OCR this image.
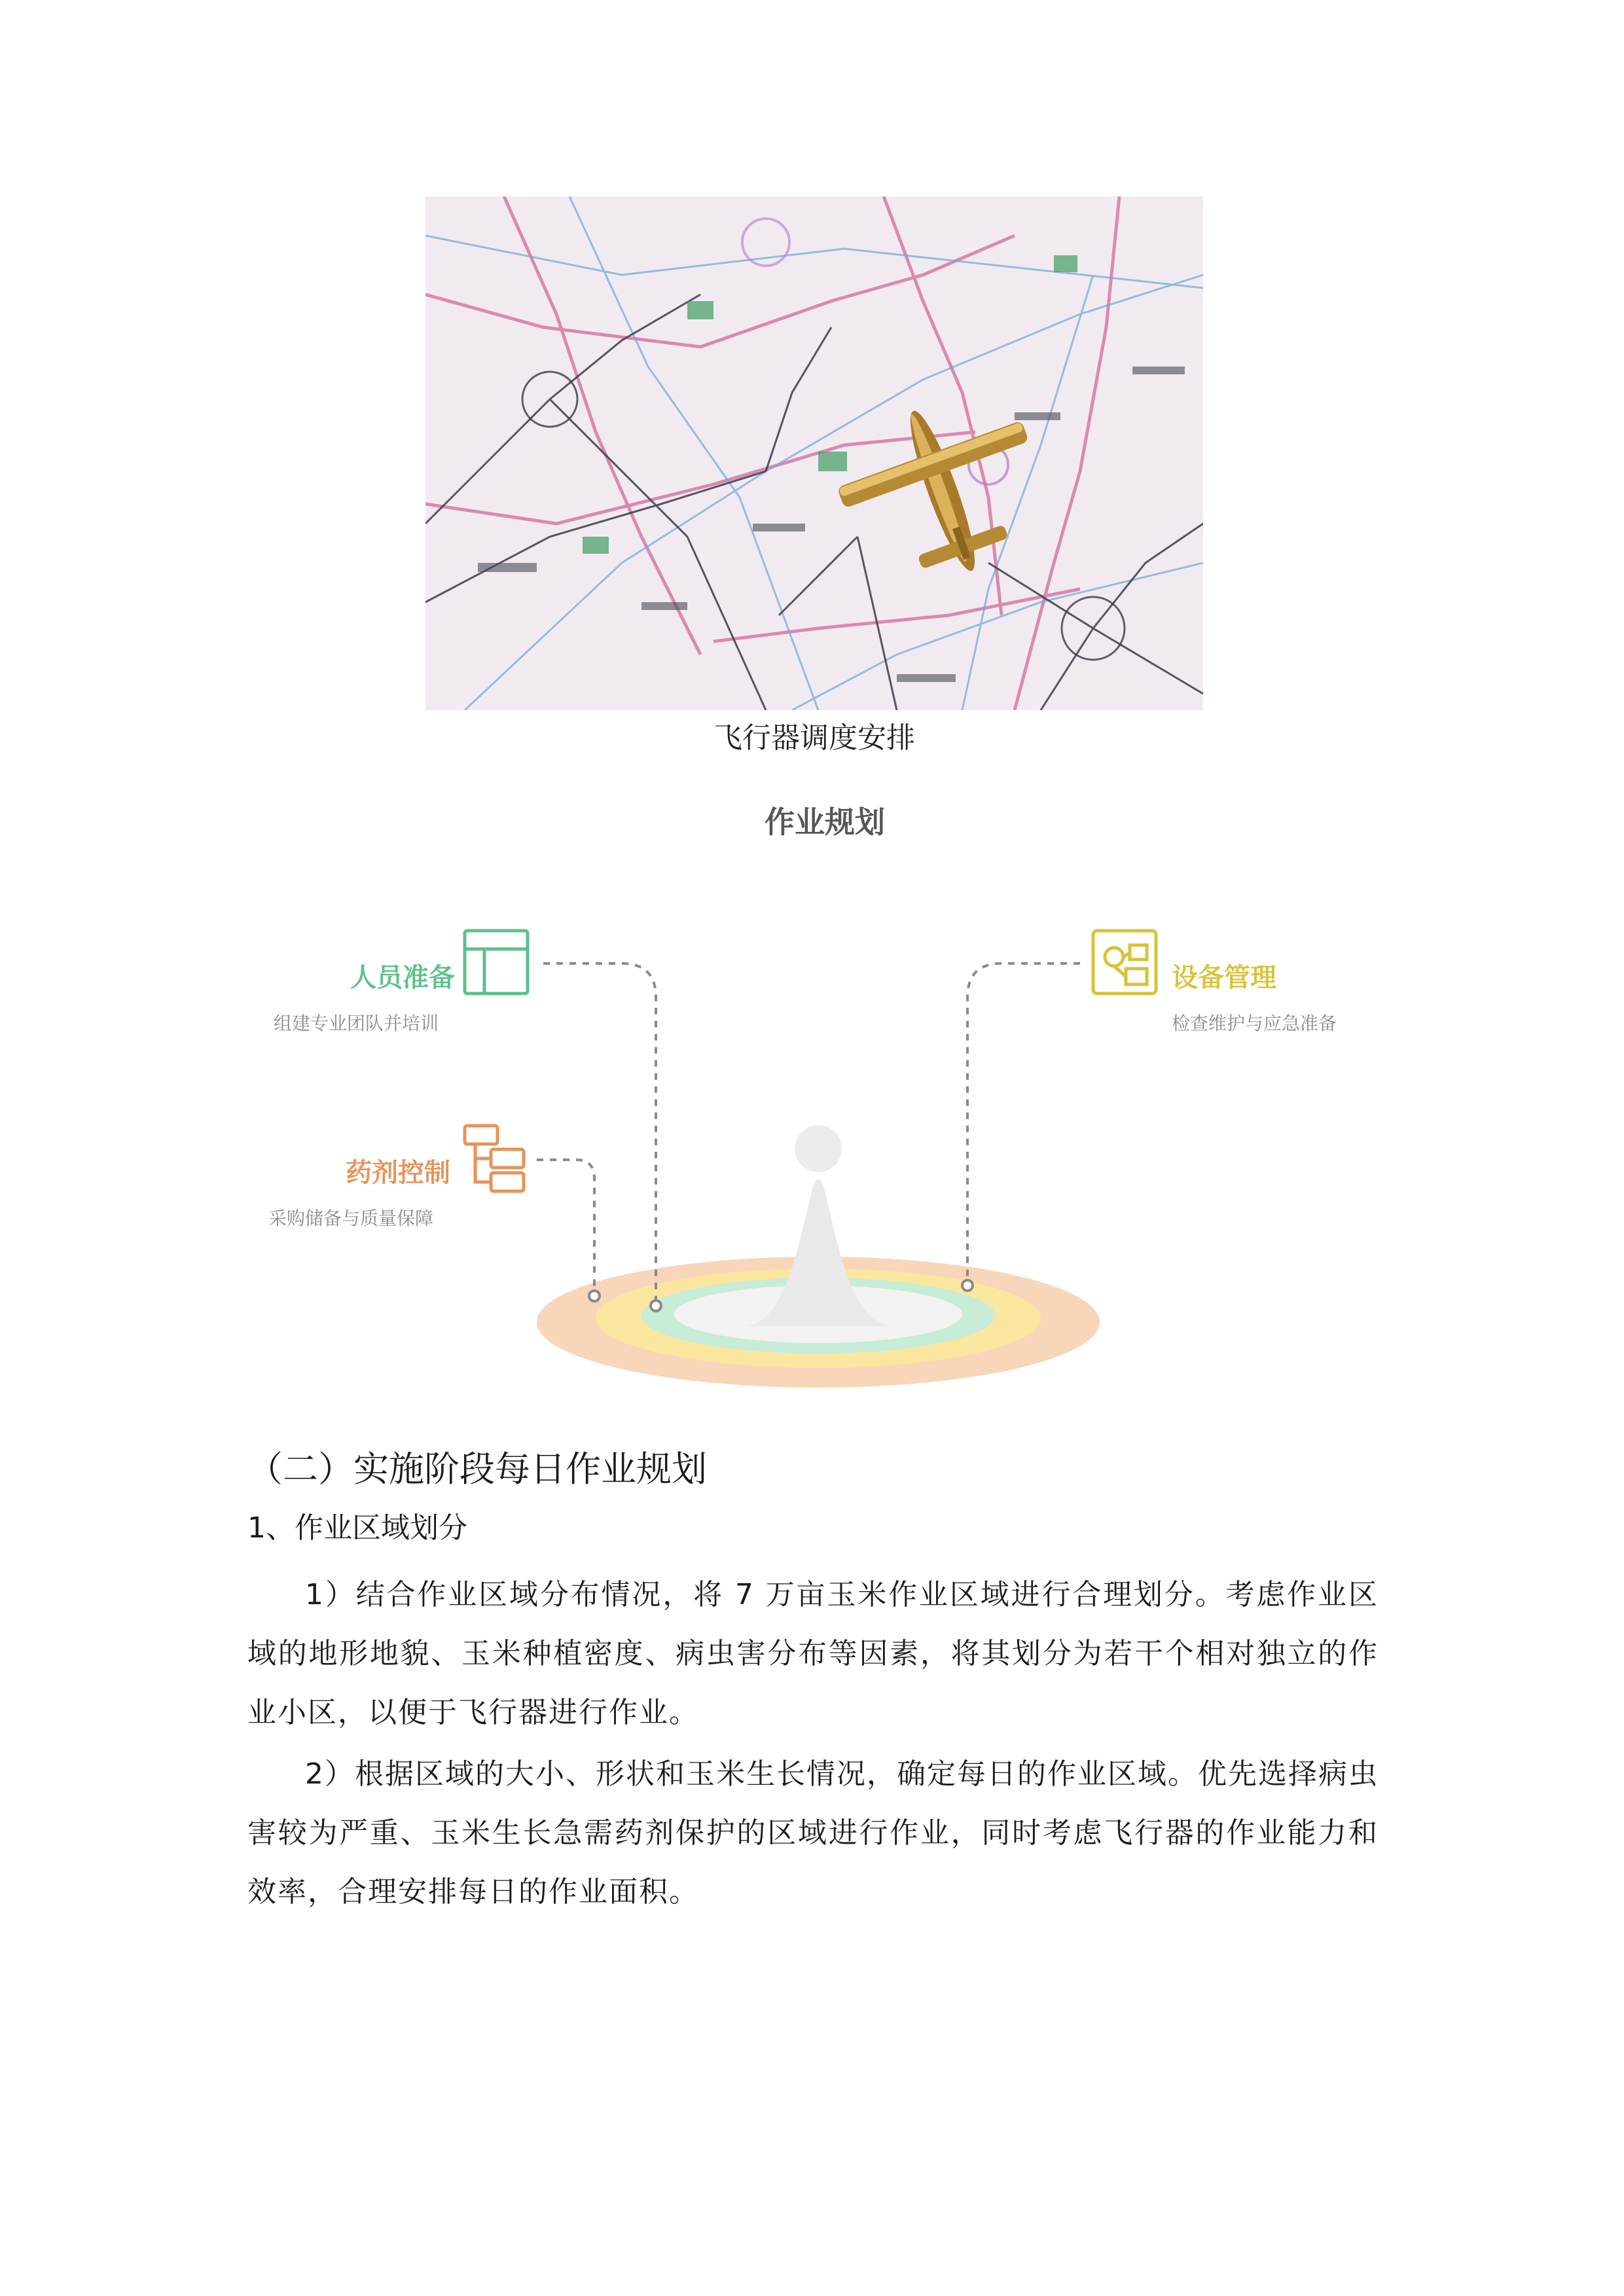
飞行器调度安排
作业规划
人员准备
组建专业团队并培训
设备管理
检查维护与应急准备
药剂控制
采购储备与质量保障
（二）实施阶段每日作业规划
1、作业区域划分
1）结合作业区域分布情况，将 7 万亩玉米作业区域进行合理划分。考虑作业区域的地形地貌、玉米种植密度、病虫害分布等因素，将其划分为若干个相对独立的作业小区，以便于飞行器进行作业。
2）根据区域的大小、形状和玉米生长情况，确定每日的作业区域。优先选择病虫害较为严重、玉米生长急需药剂保护的区域进行作业，同时考虑飞行器的作业能力和效率，合理安排每日的作业面积。
